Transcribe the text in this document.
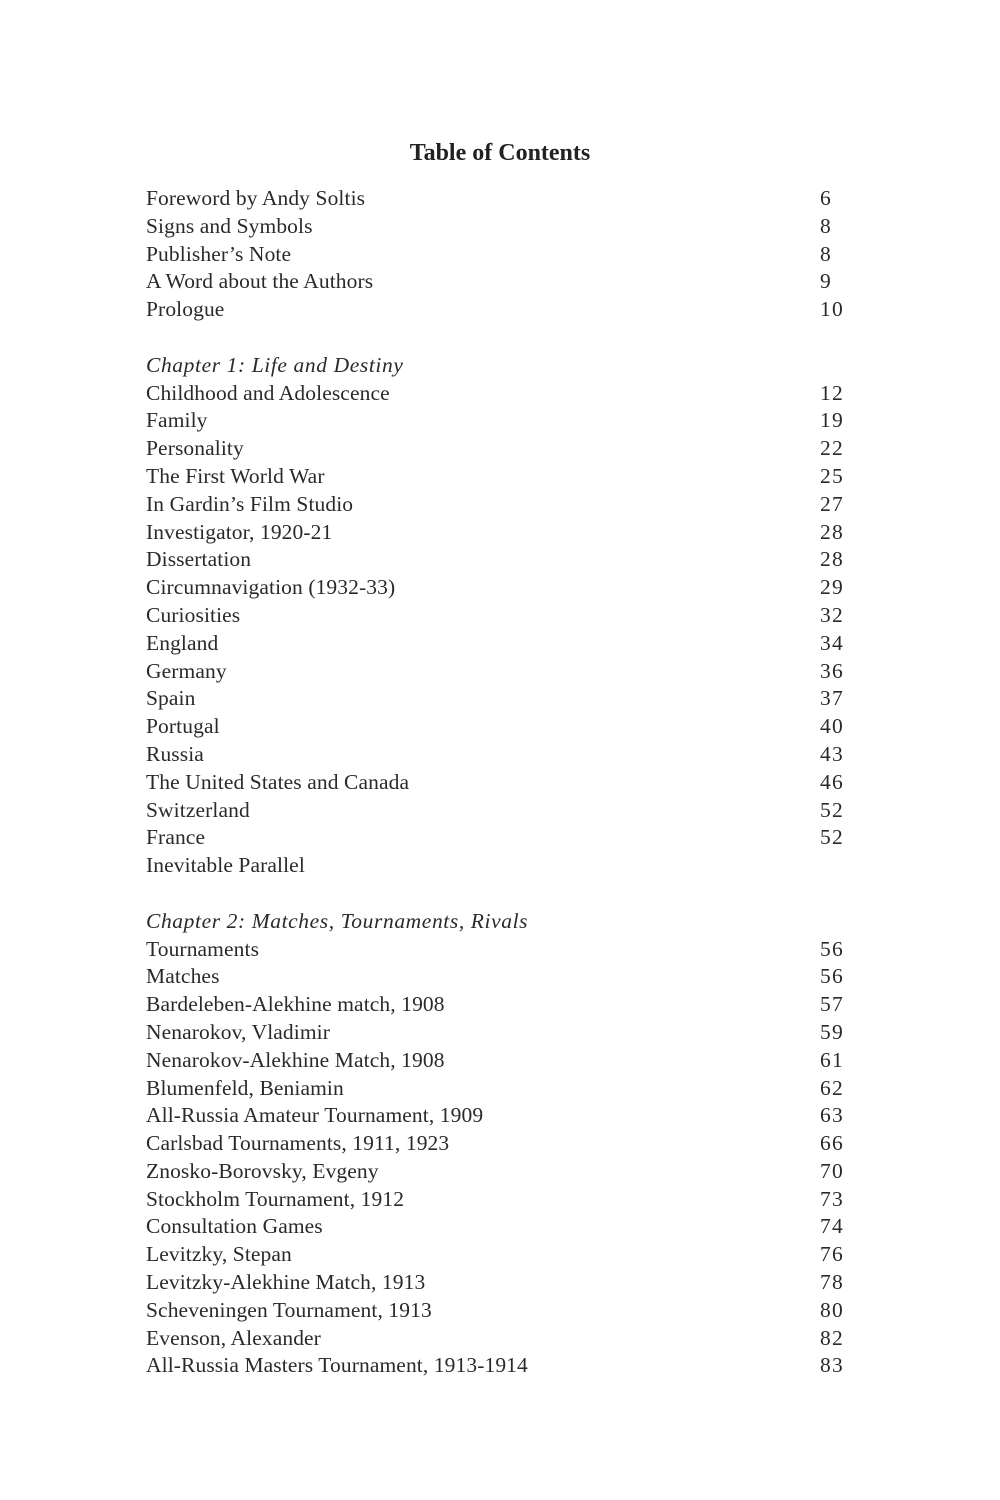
Table of Contents
Foreword by Andy Soltis	6
Signs and Symbols	8
Publisher’s Note	8
A Word about the Authors	9
Prologue	10
Chapter 1: Life and Destiny
Childhood and Adolescence	12
Family	19
Personality	22
The First World War	25
In Gardin’s Film Studio	27
Investigator, 1920-21	28
Dissertation	28
Circumnavigation (1932-33)	29
Curiosities	32
England	34
Germany	36
Spain	37
Portugal	40
Russia	43
The United States and Canada	46
Switzerland	52
France	52
Inevitable Parallel
Chapter 2: Matches, Tournaments, Rivals
Tournaments	56
Matches	56
Bardeleben-Alekhine match, 1908	57
Nenarokov, Vladimir	59
Nenarokov-Alekhine Match, 1908	61
Blumenfeld, Beniamin	62
All-Russia Amateur Tournament, 1909	63
Carlsbad Tournaments, 1911, 1923	66
Znosko-Borovsky, Evgeny	70
Stockholm Tournament, 1912	73
Consultation Games	74
Levitzky, Stepan	76
Levitzky-Alekhine Match, 1913	78
Scheveningen Tournament, 1913	80
Evenson, Alexander	82
All-Russia Masters Tournament, 1913-1914	83
